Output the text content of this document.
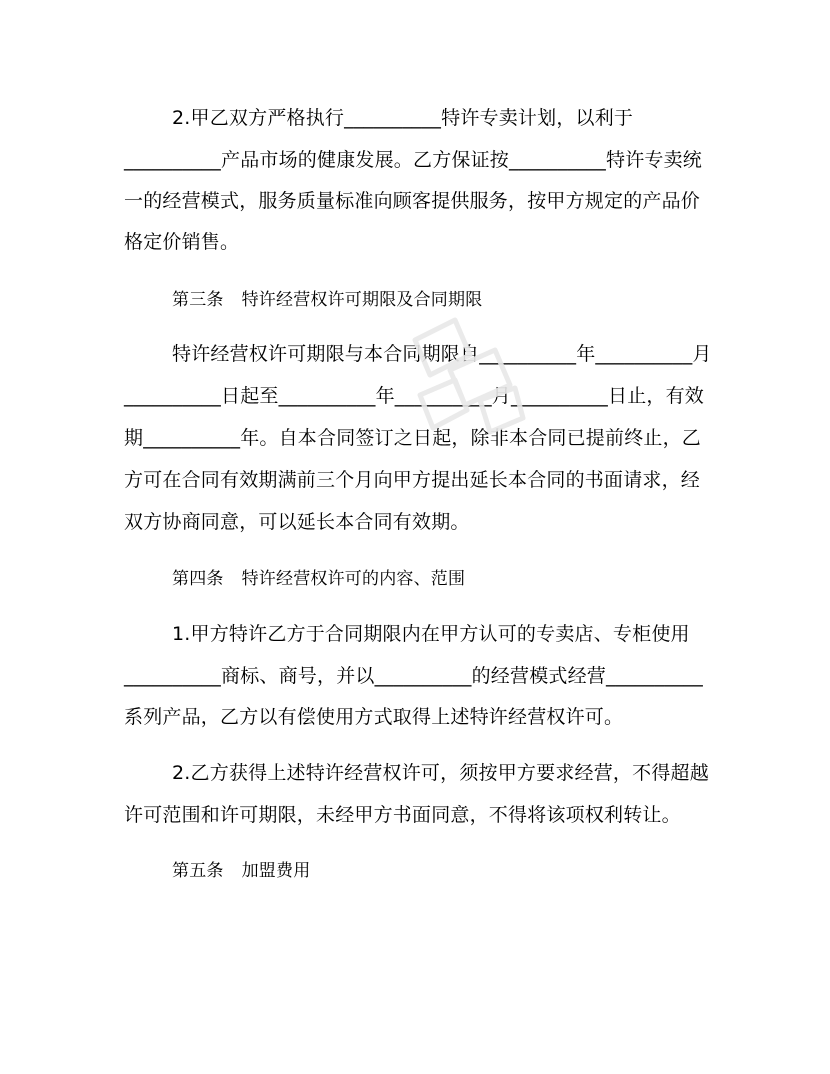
2.甲乙双方严格执行__________特许专卖计划，以利于
__________产品市场的健康发展。乙方保证按__________特许专卖统
一的经营模式，服务质量标准向顾客提供服务，按甲方规定的产品价
格定价销售。
第三条 特许经营权许可期限及合同期限
特许经营权许可期限与本合同期限自__________年__________月
__________日起至__________年__________月__________日止，有效
期__________年。自本合同签订之日起，除非本合同已提前终止，乙
方可在合同有效期满前三个月向甲方提出延长本合同的书面请求，经
双方协商同意，可以延长本合同有效期。
第四条 特许经营权许可的内容、范围
1.甲方特许乙方于合同期限内在甲方认可的专卖店、专柜使用
__________商标、商号，并以__________的经营模式经营__________
系列产品，乙方以有偿使用方式取得上述特许经营权许可。
2.乙方获得上述特许经营权许可，须按甲方要求经营，不得超越
许可范围和许可期限，未经甲方书面同意，不得将该项权利转让。
第五条 加盟费用
